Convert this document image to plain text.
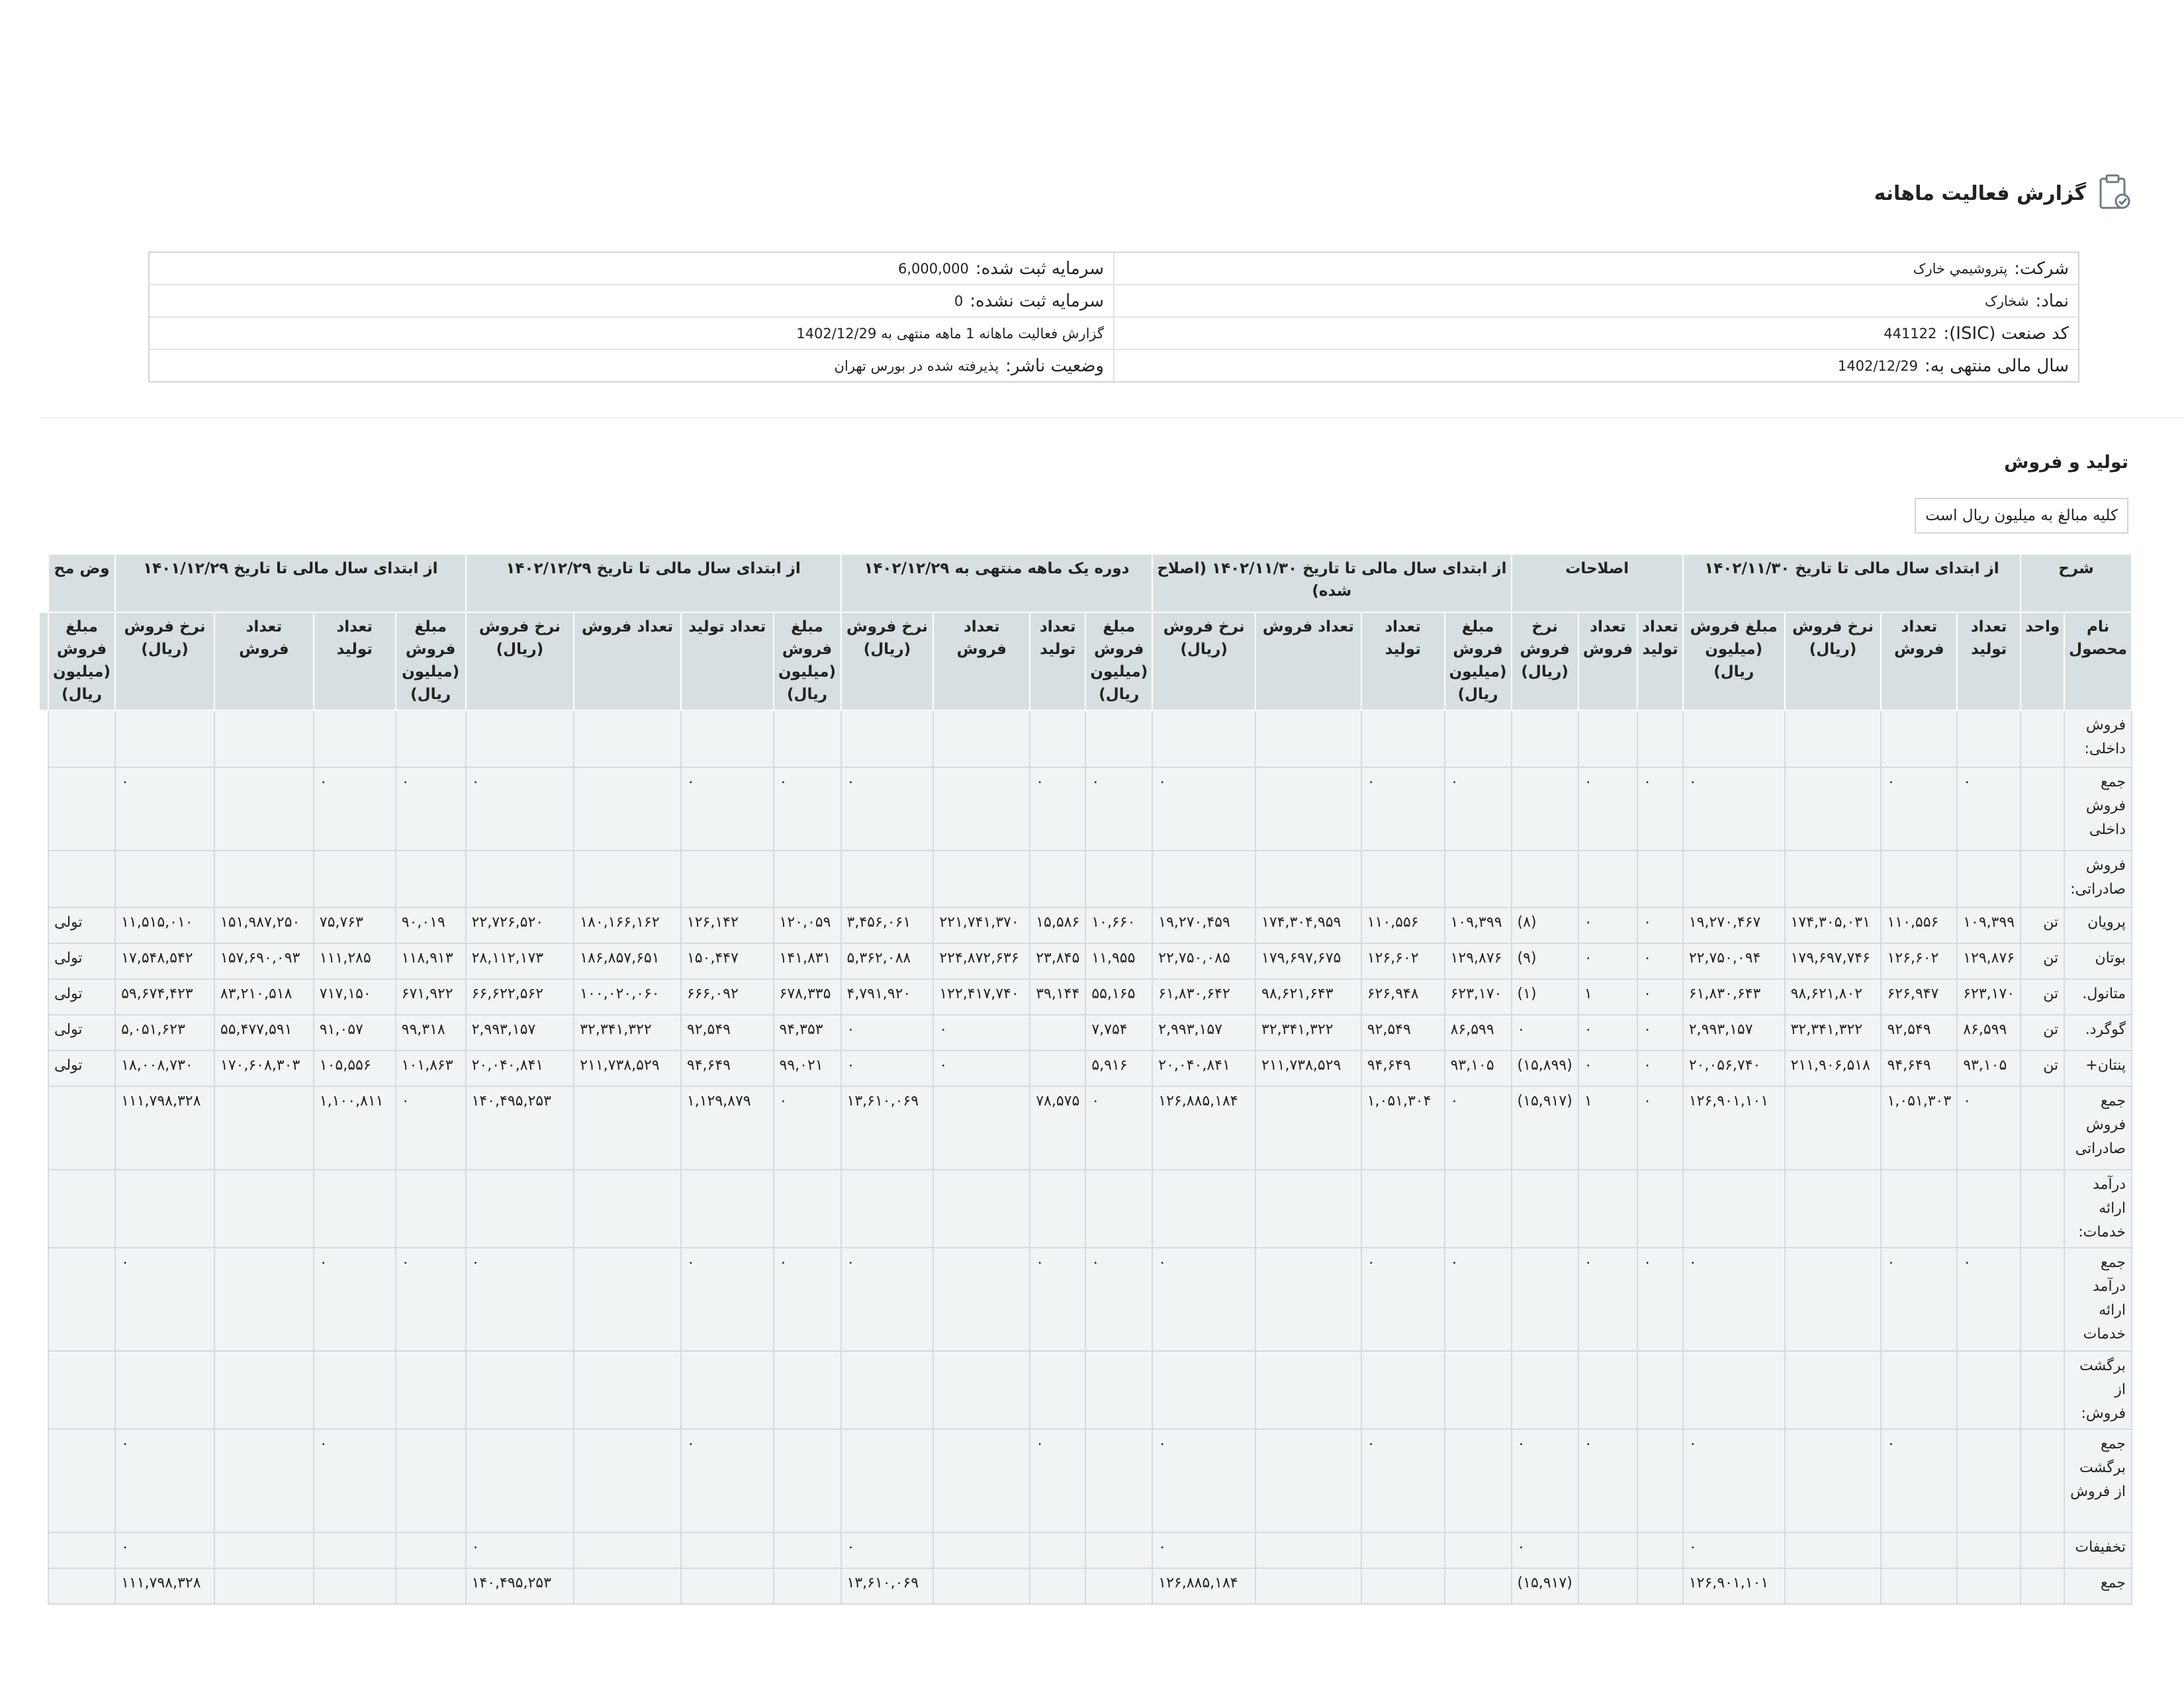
گزارش فعالیت ماهانه
شرکت:
پتروشیمي خارک
سرمایه ثبت شده:
6,000,000
نماد:
شخارک
سرمایه ثبت نشده:
0
کد صنعت (ISIC):
441122
گزارش فعالیت ماهانه 1 ماهه منتهی به 1402/12/29
سال مالی منتهی به:
1402/12/29
وضعیت ناشر:
پذیرفته شده در بورس تهران
تولید و فروش
کلیه مبالغ به میلیون ریال است
شرح		از ابتدای سال مالی تا تاریخ ۱۴۰۲/۱۱/۳۰				اصلاحات			از ابتدای سال مالی تا تاریخ ۱۴۰۲/۱۱/۳۰ (اصلاح شده)				دوره یک ماهه منتهی به ۱۴۰۲/۱۲/۲۹				از ابتدای سال مالی تا تاریخ ۱۴۰۲/۱۲/۲۹				از ابتدای سال مالی تا تاریخ ۱۴۰۱/۱۲/۲۹				وض مح	
نام محصول	واحد	تعداد تولید	تعداد فروش	نرخ فروش (ریال)	مبلغ فروش (میلیون ریال)	تعداد تولید	تعداد فروش	نرخ فروش (ریال)	مبلغ فروش (میلیون ریال)	تعداد تولید	تعداد فروش	نرخ فروش (ریال)	مبلغ فروش (میلیون ریال)	تعداد تولید	تعداد فروش	نرخ فروش (ریال)	مبلغ فروش (میلیون ریال)	تعداد تولید	تعداد فروش	نرخ فروش (ریال)	مبلغ فروش (میلیون ریال)	تعداد تولید	تعداد فروش	نرخ فروش (ریال)	مبلغ فروش (میلیون ریال)	
فروش داخلی:																										
جمع فروش داخلی		٠	٠		٠	٠	٠		٠	٠		٠	٠	٠		٠	٠	٠		٠	٠	٠		٠		
فروش صادراتی:																										
پرویان	تن	۱۰۹,۳۹۹	۱۱۰,۵۵۶	۱۷۴,۳۰۵,۰۳۱	۱۹,۲۷۰,۴۶۷	٠	٠	(۸)	۱۰۹,۳۹۹	۱۱۰,۵۵۶	۱۷۴,۳۰۴,۹۵۹	۱۹,۲۷۰,۴۵۹	۱۰,۶۶۰	۱۵,۵۸۶	۲۲۱,۷۴۱,۳۷۰	۳,۴۵۶,۰۶۱	۱۲۰,۰۵۹	۱۲۶,۱۴۲	۱۸۰,۱۶۶,۱۶۲	۲۲,۷۲۶,۵۲۰	۹۰,۰۱۹	۷۵,۷۶۳	۱۵۱,۹۸۷,۲۵۰	۱۱,۵۱۵,۰۱۰	تولی	
بوتان	تن	۱۲۹,۸۷۶	۱۲۶,۶۰۲	۱۷۹,۶۹۷,۷۴۶	۲۲,۷۵۰,۰۹۴	٠	٠	(۹)	۱۲۹,۸۷۶	۱۲۶,۶۰۲	۱۷۹,۶۹۷,۶۷۵	۲۲,۷۵۰,۰۸۵	۱۱,۹۵۵	۲۳,۸۴۵	۲۲۴,۸۷۲,۶۳۶	۵,۳۶۲,۰۸۸	۱۴۱,۸۳۱	۱۵۰,۴۴۷	۱۸۶,۸۵۷,۶۵۱	۲۸,۱۱۲,۱۷۳	۱۱۸,۹۱۳	۱۱۱,۲۸۵	۱۵۷,۶۹۰,۰۹۳	۱۷,۵۴۸,۵۴۲	تولی	
متانول.	تن	۶۲۳,۱۷۰	۶۲۶,۹۴۷	۹۸,۶۲۱,۸۰۲	۶۱,۸۳۰,۶۴۳	٠	۱	(۱)	۶۲۳,۱۷۰	۶۲۶,۹۴۸	۹۸,۶۲۱,۶۴۳	۶۱,۸۳۰,۶۴۲	۵۵,۱۶۵	۳۹,۱۴۴	۱۲۲,۴۱۷,۷۴۰	۴,۷۹۱,۹۲۰	۶۷۸,۳۳۵	۶۶۶,۰۹۲	۱۰۰,۰۲۰,۰۶۰	۶۶,۶۲۲,۵۶۲	۶۷۱,۹۲۲	۷۱۷,۱۵۰	۸۳,۲۱۰,۵۱۸	۵۹,۶۷۴,۴۲۳	تولی	
گوگرد.	تن	۸۶,۵۹۹	۹۲,۵۴۹	۳۲,۳۴۱,۳۲۲	۲,۹۹۳,۱۵۷	٠	٠	٠	۸۶,۵۹۹	۹۲,۵۴۹	۳۲,۳۴۱,۳۲۲	۲,۹۹۳,۱۵۷	۷,۷۵۴		٠	٠	۹۴,۳۵۳	۹۲,۵۴۹	۳۲,۳۴۱,۳۲۲	۲,۹۹۳,۱۵۷	۹۹,۳۱۸	۹۱,۰۵۷	۵۵,۴۷۷,۵۹۱	۵,۰۵۱,۶۲۳	تولی	
پنتان+	تن	۹۳,۱۰۵	۹۴,۶۴۹	۲۱۱,۹۰۶,۵۱۸	۲۰,۰۵۶,۷۴۰	٠	٠	(۱۵,۸۹۹)	۹۳,۱۰۵	۹۴,۶۴۹	۲۱۱,۷۳۸,۵۲۹	۲۰,۰۴۰,۸۴۱	۵,۹۱۶		٠	٠	۹۹,۰۲۱	۹۴,۶۴۹	۲۱۱,۷۳۸,۵۲۹	۲۰,۰۴۰,۸۴۱	۱۰۱,۸۶۳	۱۰۵,۵۵۶	۱۷۰,۶۰۸,۳۰۳	۱۸,۰۰۸,۷۳۰	تولی	
جمع فروش صادراتی		٠	۱,۰۵۱,۳۰۳		۱۲۶,۹۰۱,۱۰۱	٠	۱	(۱۵,۹۱۷)	٠	۱,۰۵۱,۳۰۴		۱۲۶,۸۸۵,۱۸۴	٠	۷۸,۵۷۵		۱۳,۶۱۰,۰۶۹	٠	۱,۱۲۹,۸۷۹		۱۴۰,۴۹۵,۲۵۳	٠	۱,۱۰۰,۸۱۱		۱۱۱,۷۹۸,۳۲۸		
درآمد ارائه خدمات:																										
جمع درآمد ارائه خدمات		٠	٠		٠	٠	٠		٠	٠		٠	٠	٠		٠	٠	٠		٠	٠	٠		٠		
برگشت از فروش:																										
جمع برگشت از فروش			٠		٠		٠	٠		٠		٠		٠				٠				٠		٠		
تخفیفات					٠			٠				٠				٠				٠				٠		
جمع					۱۲۶,۹۰۱,۱۰۱			(۱۵,۹۱۷)				۱۲۶,۸۸۵,۱۸۴				۱۳,۶۱۰,۰۶۹				۱۴۰,۴۹۵,۲۵۳				۱۱۱,۷۹۸,۳۲۸		
